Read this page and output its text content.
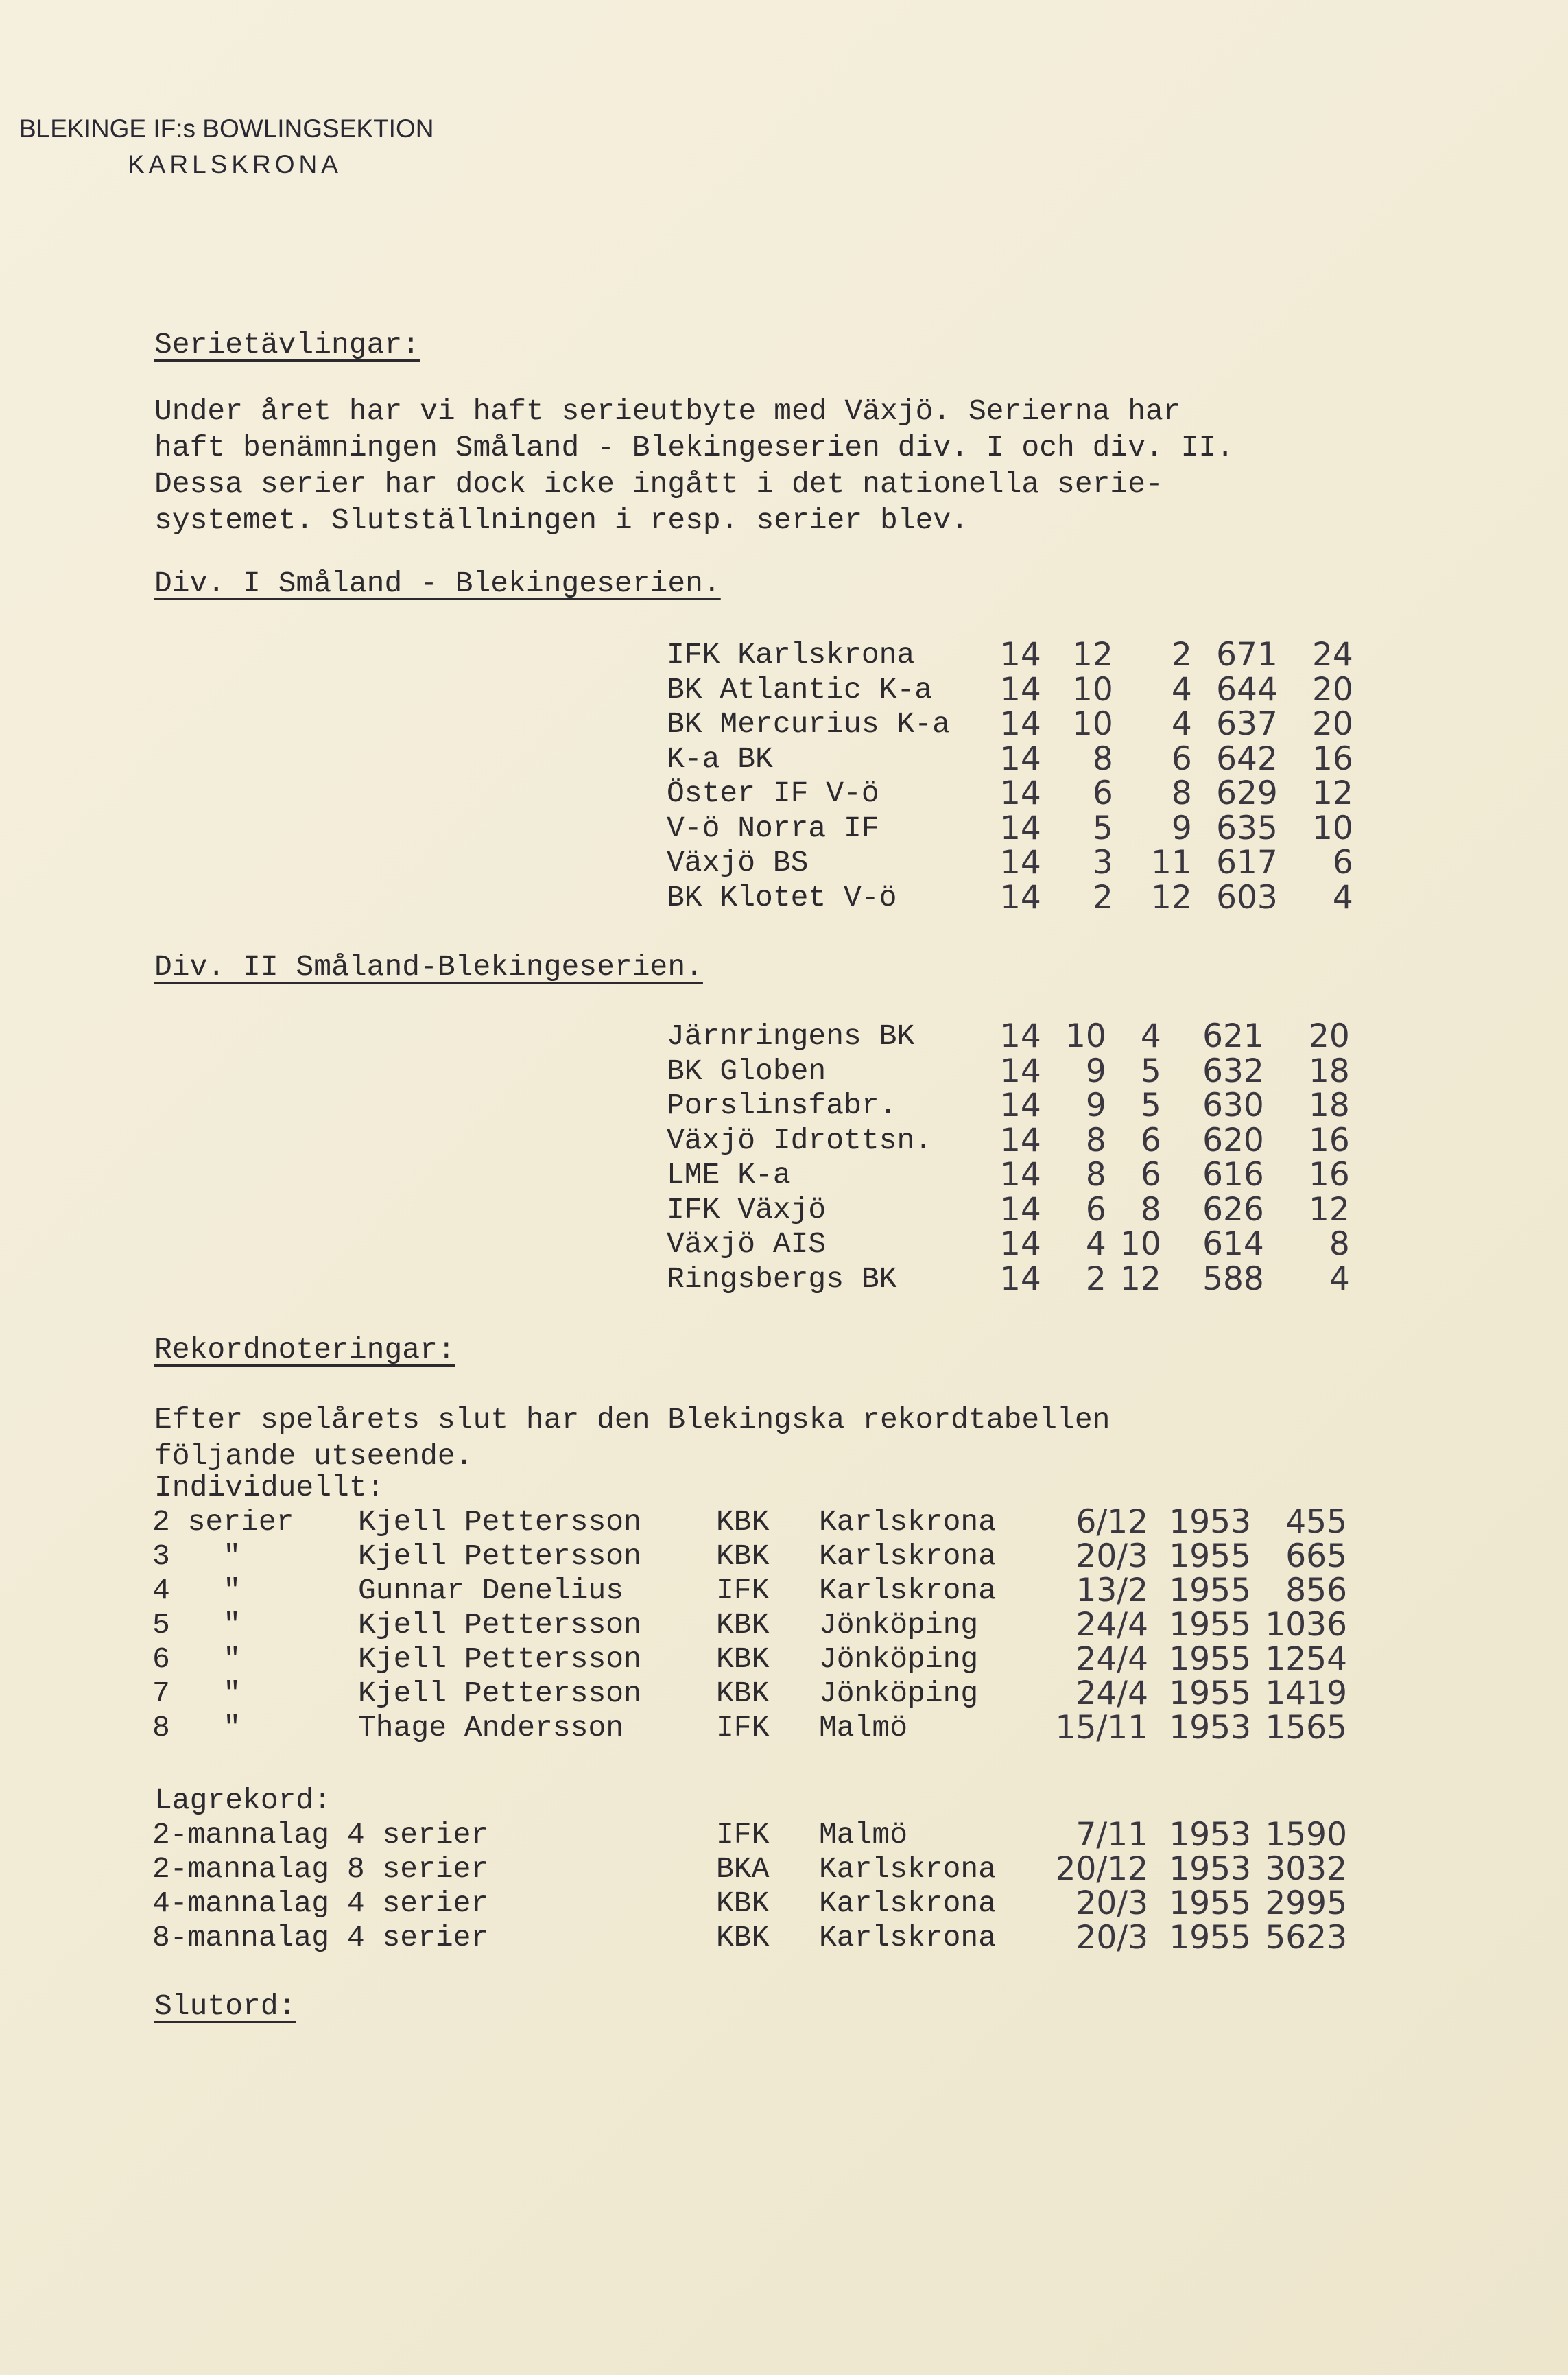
BLEKINGE IF:s BOWLINGSEKTION
KARLSKRONA
Serietävlingar:
Under året har vi haft serieutbyte med Växjö. Serierna har
haft benämningen Småland - Blekingeserien div. I och div. II.
Dessa serier har dock icke ingått i det nationella serie-
systemet. Slutställningen i resp. serier blev.
Div. I Småland - Blekingeserien.
IFK Karlskrona	14	12	2	671	24
BK Atlantic K-a	14	10	4	644	20
BK Mercurius K-a	14	10	4	637	20
K-a BK	14	8	6	642	16
Öster IF V-ö	14	6	8	629	12
V-ö Norra IF	14	5	9	635	10
Växjö BS	14	3	11	617	6
BK Klotet V-ö	14	2	12	603	4
Div. II Småland-Blekingeserien.
Järnringens BK	14	10	4	621	20
BK Globen	14	9	5	632	18
Porslinsfabr.	14	9	5	630	18
Växjö Idrottsn.	14	8	6	620	16
LME K-a	14	8	6	616	16
IFK Växjö	14	6	8	626	12
Växjö AIS	14	4	10	614	8
Ringsbergs BK	14	2	12	588	4
Rekordnoteringar:
Efter spelårets slut har den Blekingska rekordtabellen
följande utseende.
Individuellt:
2 serier	Kjell Pettersson	KBK	Karlskrona	6/12	1953	455
3   "	Kjell Pettersson	KBK	Karlskrona	20/3	1955	665
4   "	Gunnar Denelius	IFK	Karlskrona	13/2	1955	856
5   "	Kjell Pettersson	KBK	Jönköping	24/4	1955	1036
6   "	Kjell Pettersson	KBK	Jönköping	24/4	1955	1254
7   "	Kjell Pettersson	KBK	Jönköping	24/4	1955	1419
8   "	Thage Andersson	IFK	Malmö	15/11	1953	1565
Lagrekord:
2-mannalag 4 serier	IFK	Malmö	7/11	1953	1590
2-mannalag 8 serier	BKA	Karlskrona	20/12	1953	3032
4-mannalag 4 serier	KBK	Karlskrona	20/3	1955	2995
8-mannalag 4 serier	KBK	Karlskrona	20/3	1955	5623
Slutord:
